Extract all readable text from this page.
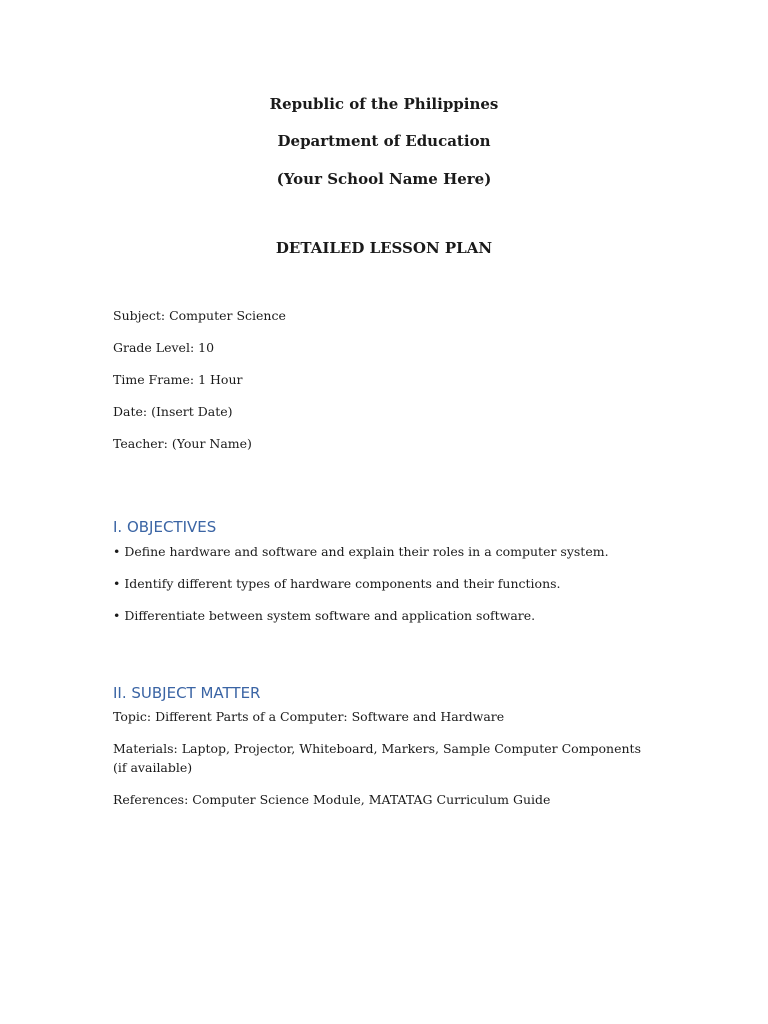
Republic of the Philippines
Department of Education
(Your School Name Here)
DETAILED LESSON PLAN
Subject: Computer Science
Grade Level: 10
Time Frame: 1 Hour
Date: (Insert Date)
Teacher: (Your Name)
I. OBJECTIVES
• Define hardware and software and explain their roles in a computer system.
• Identify different types of hardware components and their functions.
• Differentiate between system software and application software.
II. SUBJECT MATTER
Topic: Different Parts of a Computer: Software and Hardware
Materials: Laptop, Projector, Whiteboard, Markers, Sample Computer Components (if available)
References: Computer Science Module, MATATAG Curriculum Guide
